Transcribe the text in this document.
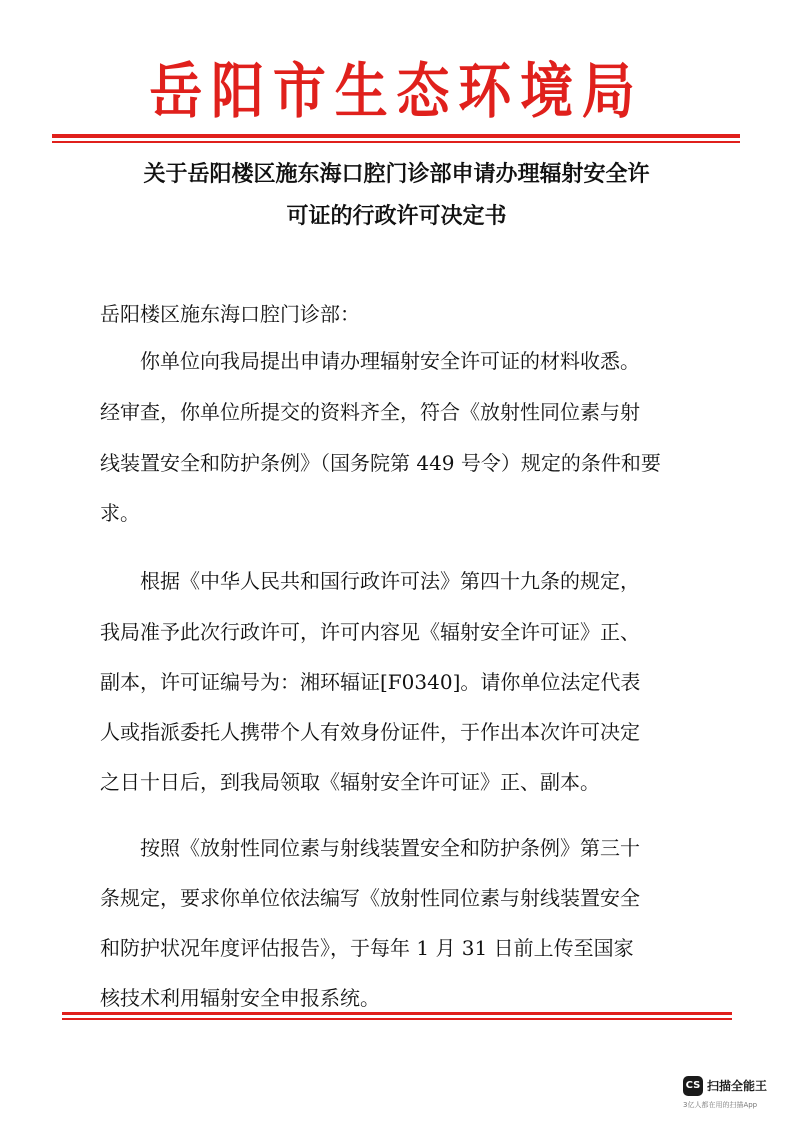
岳阳市生态环境局
关于岳阳楼区施东海口腔门诊部申请办理辐射安全许
可证的行政许可决定书
岳阳楼区施东海口腔门诊部：
你单位向我局提出申请办理辐射安全许可证的材料收悉。
经审查，你单位所提交的资料齐全，符合《放射性同位素与射
线装置安全和防护条例》（国务院第 449 号令）规定的条件和要
求。
根据《中华人民共和国行政许可法》第四十九条的规定，
我局准予此次行政许可，许可内容见《辐射安全许可证》正、
副本，许可证编号为：湘环辐证[F0340]。请你单位法定代表
人或指派委托人携带个人有效身份证件，于作出本次许可决定
之日十日后，到我局领取《辐射安全许可证》正、副本。
按照《放射性同位素与射线装置安全和防护条例》第三十
条规定，要求你单位依法编写《放射性同位素与射线装置安全
和防护状况年度评估报告》，于每年 1 月 31 日前上传至国家
核技术利用辐射安全申报系统。
CS 扫描全能王
3亿人都在用的扫描App
